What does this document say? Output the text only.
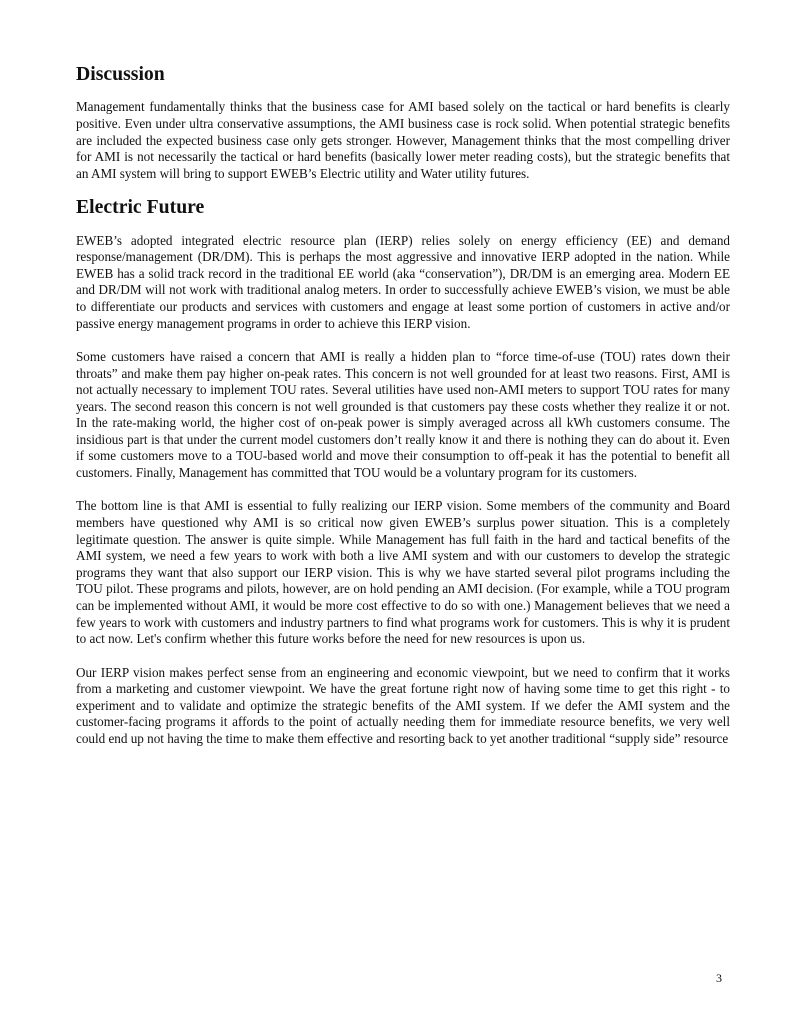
Discussion

Management fundamentally thinks that the business case for AMI based solely on the tactical or hard benefits is clearly positive. Even under ultra conservative assumptions, the AMI business case is rock solid. When potential strategic benefits are included the expected business case only gets stronger. However, Management thinks that the most compelling driver for AMI is not necessarily the tactical or hard benefits (basically lower meter reading costs), but the strategic benefits that an AMI system will bring to support EWEB’s Electric utility and Water utility futures.

Electric Future

EWEB’s adopted integrated electric resource plan (IERP) relies solely on energy efficiency (EE) and demand response/management (DR/DM). This is perhaps the most aggressive and innovative IERP adopted in the nation. While EWEB has a solid track record in the traditional EE world (aka “conservation”), DR/DM is an emerging area. Modern EE and DR/DM will not work with traditional analog meters. In order to successfully achieve EWEB’s vision, we must be able to differentiate our products and services with customers and engage at least some portion of customers in active and/or passive energy management programs in order to achieve this IERP vision.

Some customers have raised a concern that AMI is really a hidden plan to “force time-of-use (TOU) rates down their throats” and make them pay higher on-peak rates. This concern is not well grounded for at least two reasons. First, AMI is not actually necessary to implement TOU rates. Several utilities have used non-AMI meters to support TOU rates for many years. The second reason this concern is not well grounded is that customers pay these costs whether they realize it or not. In the rate-making world, the higher cost of on-peak power is simply averaged across all kWh customers consume. The insidious part is that under the current model customers don’t really know it and there is nothing they can do about it. Even if some customers move to a TOU-based world and move their consumption to off-peak it has the potential to benefit all customers. Finally, Management has committed that TOU would be a voluntary program for its customers.

The bottom line is that AMI is essential to fully realizing our IERP vision. Some members of the community and Board members have questioned why AMI is so critical now given EWEB’s surplus power situation. This is a completely legitimate question. The answer is quite simple. While Management has full faith in the hard and tactical benefits of the AMI system, we need a few years to work with both a live AMI system and with our customers to develop the strategic programs they want that also support our IERP vision. This is why we have started several pilot programs including the TOU pilot. These programs and pilots, however, are on hold pending an AMI decision. (For example, while a TOU program can be implemented without AMI, it would be more cost effective to do so with one.) Management believes that we need a few years to work with customers and industry partners to find what programs work for customers. This is why it is prudent to act now. Let's confirm whether this future works before the need for new resources is upon us.

Our IERP vision makes perfect sense from an engineering and economic viewpoint, but we need to confirm that it works from a marketing and customer viewpoint. We have the great fortune right now of having some time to get this right - to experiment and to validate and optimize the strategic benefits of the AMI system. If we defer the AMI system and the customer-facing programs it affords to the point of actually needing them for immediate resource benefits, we very well could end up not having the time to make them effective and resorting back to yet another traditional “supply side” resource

3
